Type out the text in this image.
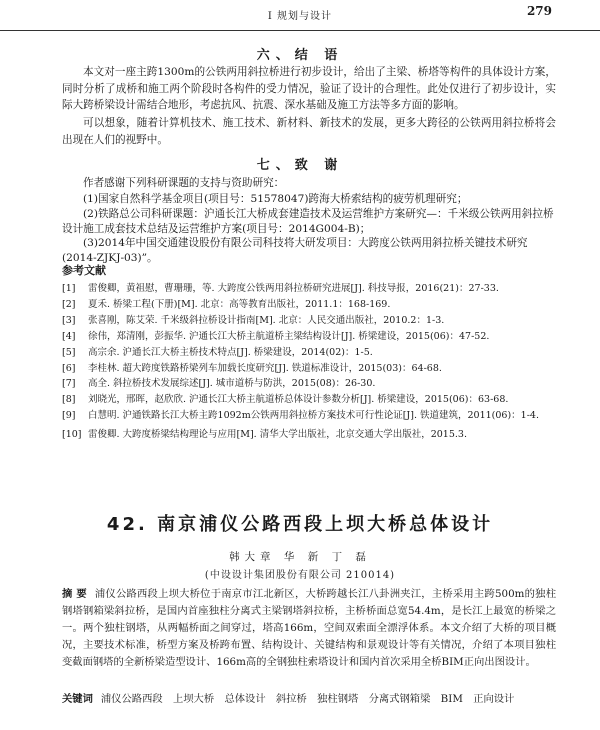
Ⅰ 规划与设计	279
六、结 语

本文对一座主跨1300m的公铁两用斜拉桥进行初步设计，给出了主梁、桥塔等构件的具体设计方案，同时分析了成桥和施工两个阶段时各构件的受力情况，验证了设计的合理性。此处仅进行了初步设计，实际大跨桥梁设计需结合地形，考虑抗风、抗震、深水基础及施工方法等多方面的影响。

可以想象，随着计算机技术、施工技术、新材料、新技术的发展，更多大跨径的公铁两用斜拉桥将会出现在人们的视野中。

七、致 谢

作者感谢下列科研课题的支持与资助研究：

(1)国家自然科学基金项目(项目号：51578047)跨海大桥索结构的疲劳机理研究；

(2)铁路总公司科研课题：沪通长江大桥成套建造技术及运营维护方案研究—：千米级公铁两用斜拉桥设计施工成套技术总结及运营维护方案(项目号：2014G004-B)；

(3)2014年中国交通建设股份有限公司科技将大研发项目：大跨度公铁两用斜拉桥关键技术研究(2014-ZJKJ-03)”。

参考文献
[1] 雷俊卿，黄祖慰，曹珊珊，等. 大跨度公铁两用斜拉桥研究进展[J]. 科技导报，2016(21)：27-33.
[2] 夏禾. 桥梁工程(下册)[M]. 北京：高等教育出版社，2011.1：168-169.
[3] 张喜刚，陈艾荣. 千米级斜拉桥设计指南[M]. 北京：人民交通出版社，2010.2：1-3.
[4] 徐伟，郑清刚，彭振华. 沪通长江大桥主航道桥主梁结构设计[J]. 桥梁建设，2015(06)：47-52.
[5] 高宗余. 沪通长江大桥主桥技术特点[J]. 桥梁建设，2014(02)：1-5.
[6] 李桂林. 超大跨度铁路桥梁列车加载长度研究[J]. 铁道标准设计，2015(03)：64-68.
[7] 高全. 斜拉桥技术发展综述[J]. 城市道桥与防洪，2015(08)：26-30.
[8] 刘晓光，邢晖，赵欣欣. 沪通长江大桥主航道桥总体设计参数分析[J]. 桥梁建设，2015(06)：63-68.
[9] 白慧明. 沪通铁路长江大桥主跨1092m公铁两用斜拉桥方案技术可行性论证[J]. 铁道建筑，2011(06)：1-4.
[10] 雷俊卿. 大跨度桥梁结构理论与应用[M]. 清华大学出版社，北京交通大学出版社，2015.3.
42. 南京浦仪公路西段上坝大桥总体设计
韩大章 华 新 丁 磊
(中设设计集团股份有限公司 210014)

摘 要 浦仪公路西段上坝大桥位于南京市江北新区，大桥跨越长江八卦洲夹江，主桥采用主跨500m的独柱钢塔钢箱梁斜拉桥，是国内首座独柱分离式主梁钢塔斜拉桥，主桥桥面总宽54.4m，是长江上最宽的桥梁之一。两个独柱钢塔，从两幅桥面之间穿过，塔高166m，空间双索面全漂浮体系。本文介绍了大桥的项目概况，主要技术标准，桥型方案及桥跨布置、结构设计、关键结构和景观设计等有关情况，介绍了本项目独柱变截面钢塔的全新桥梁造型设计、166m高的全钢独柱索塔设计和国内首次采用全桥BIM正向出图设计。

关键词 浦仪公路西段　上坝大桥　总体设计　斜拉桥　独柱钢塔　分离式钢箱梁　BIM　正向设计
